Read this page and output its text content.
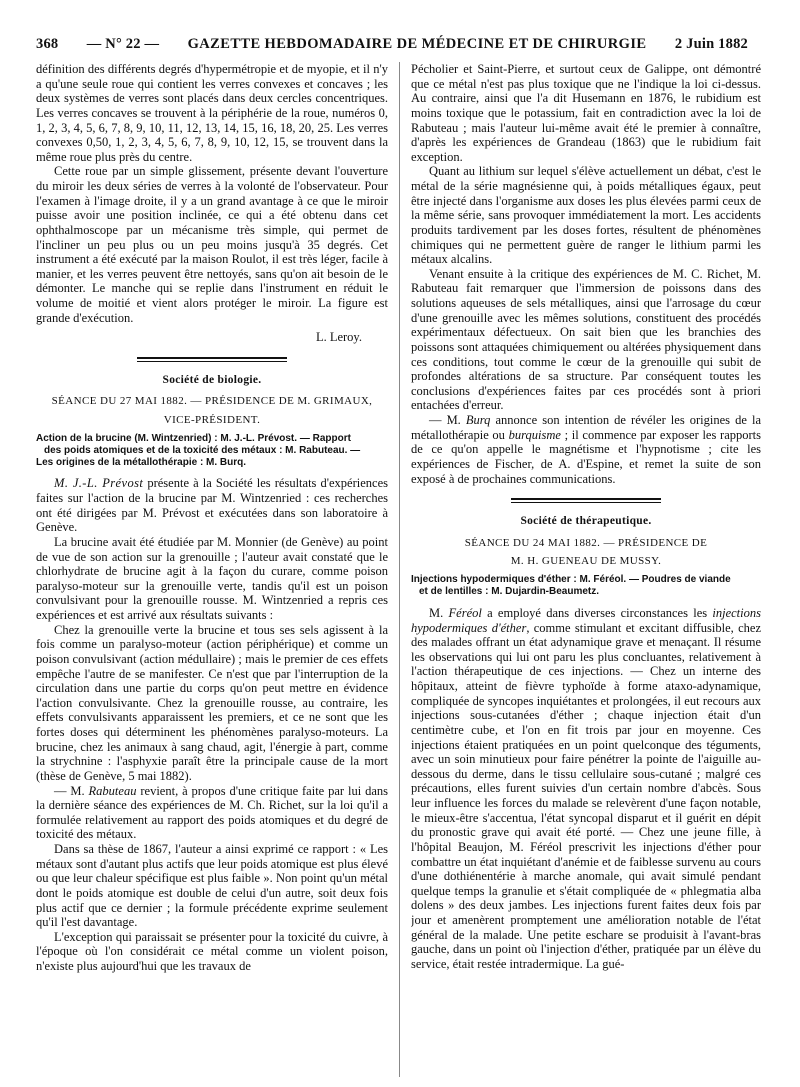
368 — N° 22 — GAZETTE HEBDOMADAIRE DE MÉDECINE ET DE CHIRURGIE 2 Juin 1882

définition des différents degrés d'hypermétropie et de myopie, et il n'y a qu'une seule roue qui contient les verres convexes et concaves ; les deux systèmes de verres sont placés dans deux cercles concentriques. Les verres concaves se trouvent à la périphérie de la roue, numéros 0, 1, 2, 3, 4, 5, 6, 7, 8, 9, 10, 11, 12, 13, 14, 15, 16, 18, 20, 25. Les verres convexes 0,50, 1, 2, 3, 4, 5, 6, 7, 8, 9, 10, 12, 15, se trouvent dans la même roue plus près du centre.

Cette roue par un simple glissement, présente devant l'ouverture du miroir les deux séries de verres à la volonté de l'observateur. Pour l'examen à l'image droite, il y a un grand avantage à ce que le miroir puisse avoir une position inclinée, ce qui a été obtenu dans cet ophthalmoscope par un mécanisme très simple, qui permet de l'incliner un peu plus ou un peu moins jusqu'à 35 degrés. Cet instrument a été exécuté par la maison Roulot, il est très léger, facile à manier, et les verres peuvent être nettoyés, sans qu'on ait besoin de le démonter. Le manche qui se replie dans l'instrument en réduit le volume de moitié et vient alors protéger le miroir. La figure est grande d'exécution.

L. Leroy.

Société de biologie.
SÉANCE DU 27 MAI 1882. — PRÉSIDENCE DE M. GRIMAUX,
VICE-PRÉSIDENT.
Action de la brucine (M. Wintzenried) : M. J.-L. Prévost. — Rapport
des poids atomiques et de la toxicité des métaux : M. Rabuteau. —
Les origines de la métallothérapie : M. Burq.

M. J.-L. Prévost présente à la Société les résultats d'expériences faites sur l'action de la brucine par M. Wintzenried : ces recherches ont été dirigées par M. Prévost et exécutées dans son laboratoire à Genève.

La brucine avait été étudiée par M. Monnier (de Genève) au point de vue de son action sur la grenouille ; l'auteur avait constaté que le chlorhydrate de brucine agit à la façon du curare, comme poison paralyso-moteur sur la grenouille verte, tandis qu'il est un poison convulsivant pour la grenouille rousse. M. Wintzenried a repris ces expériences et est arrivé aux résultats suivants :

Chez la grenouille verte la brucine et tous ses sels agissent à la fois comme un paralyso-moteur (action périphérique) et comme un poison convulsivant (action médullaire) ; mais le premier de ces effets empêche l'autre de se manifester. Ce n'est que par l'interruption de la circulation dans une partie du corps qu'on peut mettre en évidence l'action convulsivante. Chez la grenouille rousse, au contraire, les effets convulsivants apparaissent les premiers, et ce ne sont que les fortes doses qui déterminent les phénomènes paralyso-moteurs. La brucine, chez les animaux à sang chaud, agit, l'énergie à part, comme la strychnine : l'asphyxie paraît être la principale cause de la mort (thèse de Genève, 5 mai 1882).

— M. Rabuteau revient, à propos d'une critique faite par lui dans la dernière séance des expériences de M. Ch. Richet, sur la loi qu'il a formulée relativement au rapport des poids atomiques et du degré de toxicité des métaux.

Dans sa thèse de 1867, l'auteur a ainsi exprimé ce rapport : « Les métaux sont d'autant plus actifs que leur poids atomique est plus élevé ou que leur chaleur spécifique est plus faible ». Non point qu'un métal dont le poids atomique est double de celui d'un autre, soit deux fois plus actif que ce dernier ; la formule précédente exprime seulement qu'il l'est davantage.

L'exception qui paraissait se présenter pour la toxicité du cuivre, à l'époque où l'on considérait ce métal comme un violent poison, n'existe plus aujourd'hui que les travaux de

Pécholier et Saint-Pierre, et surtout ceux de Galippe, ont démontré que ce métal n'est pas plus toxique que ne l'indique la loi ci-dessus. Au contraire, ainsi que l'a dit Husemann en 1876, le rubidium est moins toxique que le potassium, fait en contradiction avec la loi de Rabuteau ; mais l'auteur lui-même avait été le premier à connaître, d'après les expériences de Grandeau (1863) que le rubidium fait exception.

Quant au lithium sur lequel s'élève actuellement un débat, c'est le métal de la série magnésienne qui, à poids métalliques égaux, peut être injecté dans l'organisme aux doses les plus élevées parmi ceux de la même série, sans provoquer immédiatement la mort. Les accidents produits tardivement par les doses fortes, résultent de phénomènes chimiques qui ne permettent guère de ranger le lithium parmi les métaux alcalins.

Venant ensuite à la critique des expériences de M. C. Richet, M. Rabuteau fait remarquer que l'immersion de poissons dans des solutions aqueuses de sels métalliques, ainsi que l'arrosage du cœur d'une grenouille avec les mêmes solutions, constituent des procédés expérimentaux défectueux. On sait bien que les branchies des poissons sont attaquées chimiquement ou altérées physiquement dans ces conditions, tout comme le cœur de la grenouille qui subit de profondes altérations de sa structure. Par conséquent toutes les conclusions d'expériences faites par ces procédés sont à priori entachées d'erreur.

— M. Burq annonce son intention de révéler les origines de la métallothérapie ou burquisme ; il commence par exposer les rapports de ce qu'on appelle le magnétisme et l'hypnotisme ; cite les expériences de Fischer, de A. d'Espine, et remet la suite de son exposé à de prochaines communications.

Société de thérapeutique.
SÉANCE DU 24 MAI 1882. — PRÉSIDENCE DE
M. H. GUENEAU DE MUSSY.
Injections hypodermiques d'éther : M. Féréol. — Poudres de viande
et de lentilles : M. Dujardin-Beaumetz.

M. Féréol a employé dans diverses circonstances les injections hypodermiques d'éther, comme stimulant et excitant diffusible, chez des malades offrant un état adynamique grave et menaçant. Il résume les observations qui lui ont paru les plus concluantes, relativement à l'action thérapeutique de ces injections. — Chez un interne des hôpitaux, atteint de fièvre typhoïde à forme ataxo-adynamique, compliquée de syncopes inquiétantes et prolongées, il eut recours aux injections sous-cutanées d'éther ; chaque injection était d'un centimètre cube, et l'on en fit trois par jour en moyenne. Ces injections étaient pratiquées en un point quelconque des téguments, avec un soin minutieux pour faire pénétrer la pointe de l'aiguille au-dessous du derme, dans le tissu cellulaire sous-cutané ; malgré ces précautions, elles furent suivies d'un certain nombre d'abcès. Sous leur influence les forces du malade se relevèrent d'une façon notable, le mieux-être s'accentua, l'état syncopal disparut et il guérit en dépit du pronostic grave qui avait été porté. — Chez une jeune fille, à l'hôpital Beaujon, M. Féréol prescrivit les injections d'éther pour combattre un état inquiétant d'anémie et de faiblesse survenu au cours d'une dothiénentérie à marche anomale, qui avait simulé pendant quelque temps la granulie et s'était compliquée de « phlegmatia alba dolens » des deux jambes. Les injections furent faites deux fois par jour et amenèrent promptement une amélioration notable de l'état général de la malade. Une petite eschare se produisit à l'avant-bras gauche, dans un point où l'injection d'éther, pratiquée par un élève du service, était restée intradermique. La gué-
